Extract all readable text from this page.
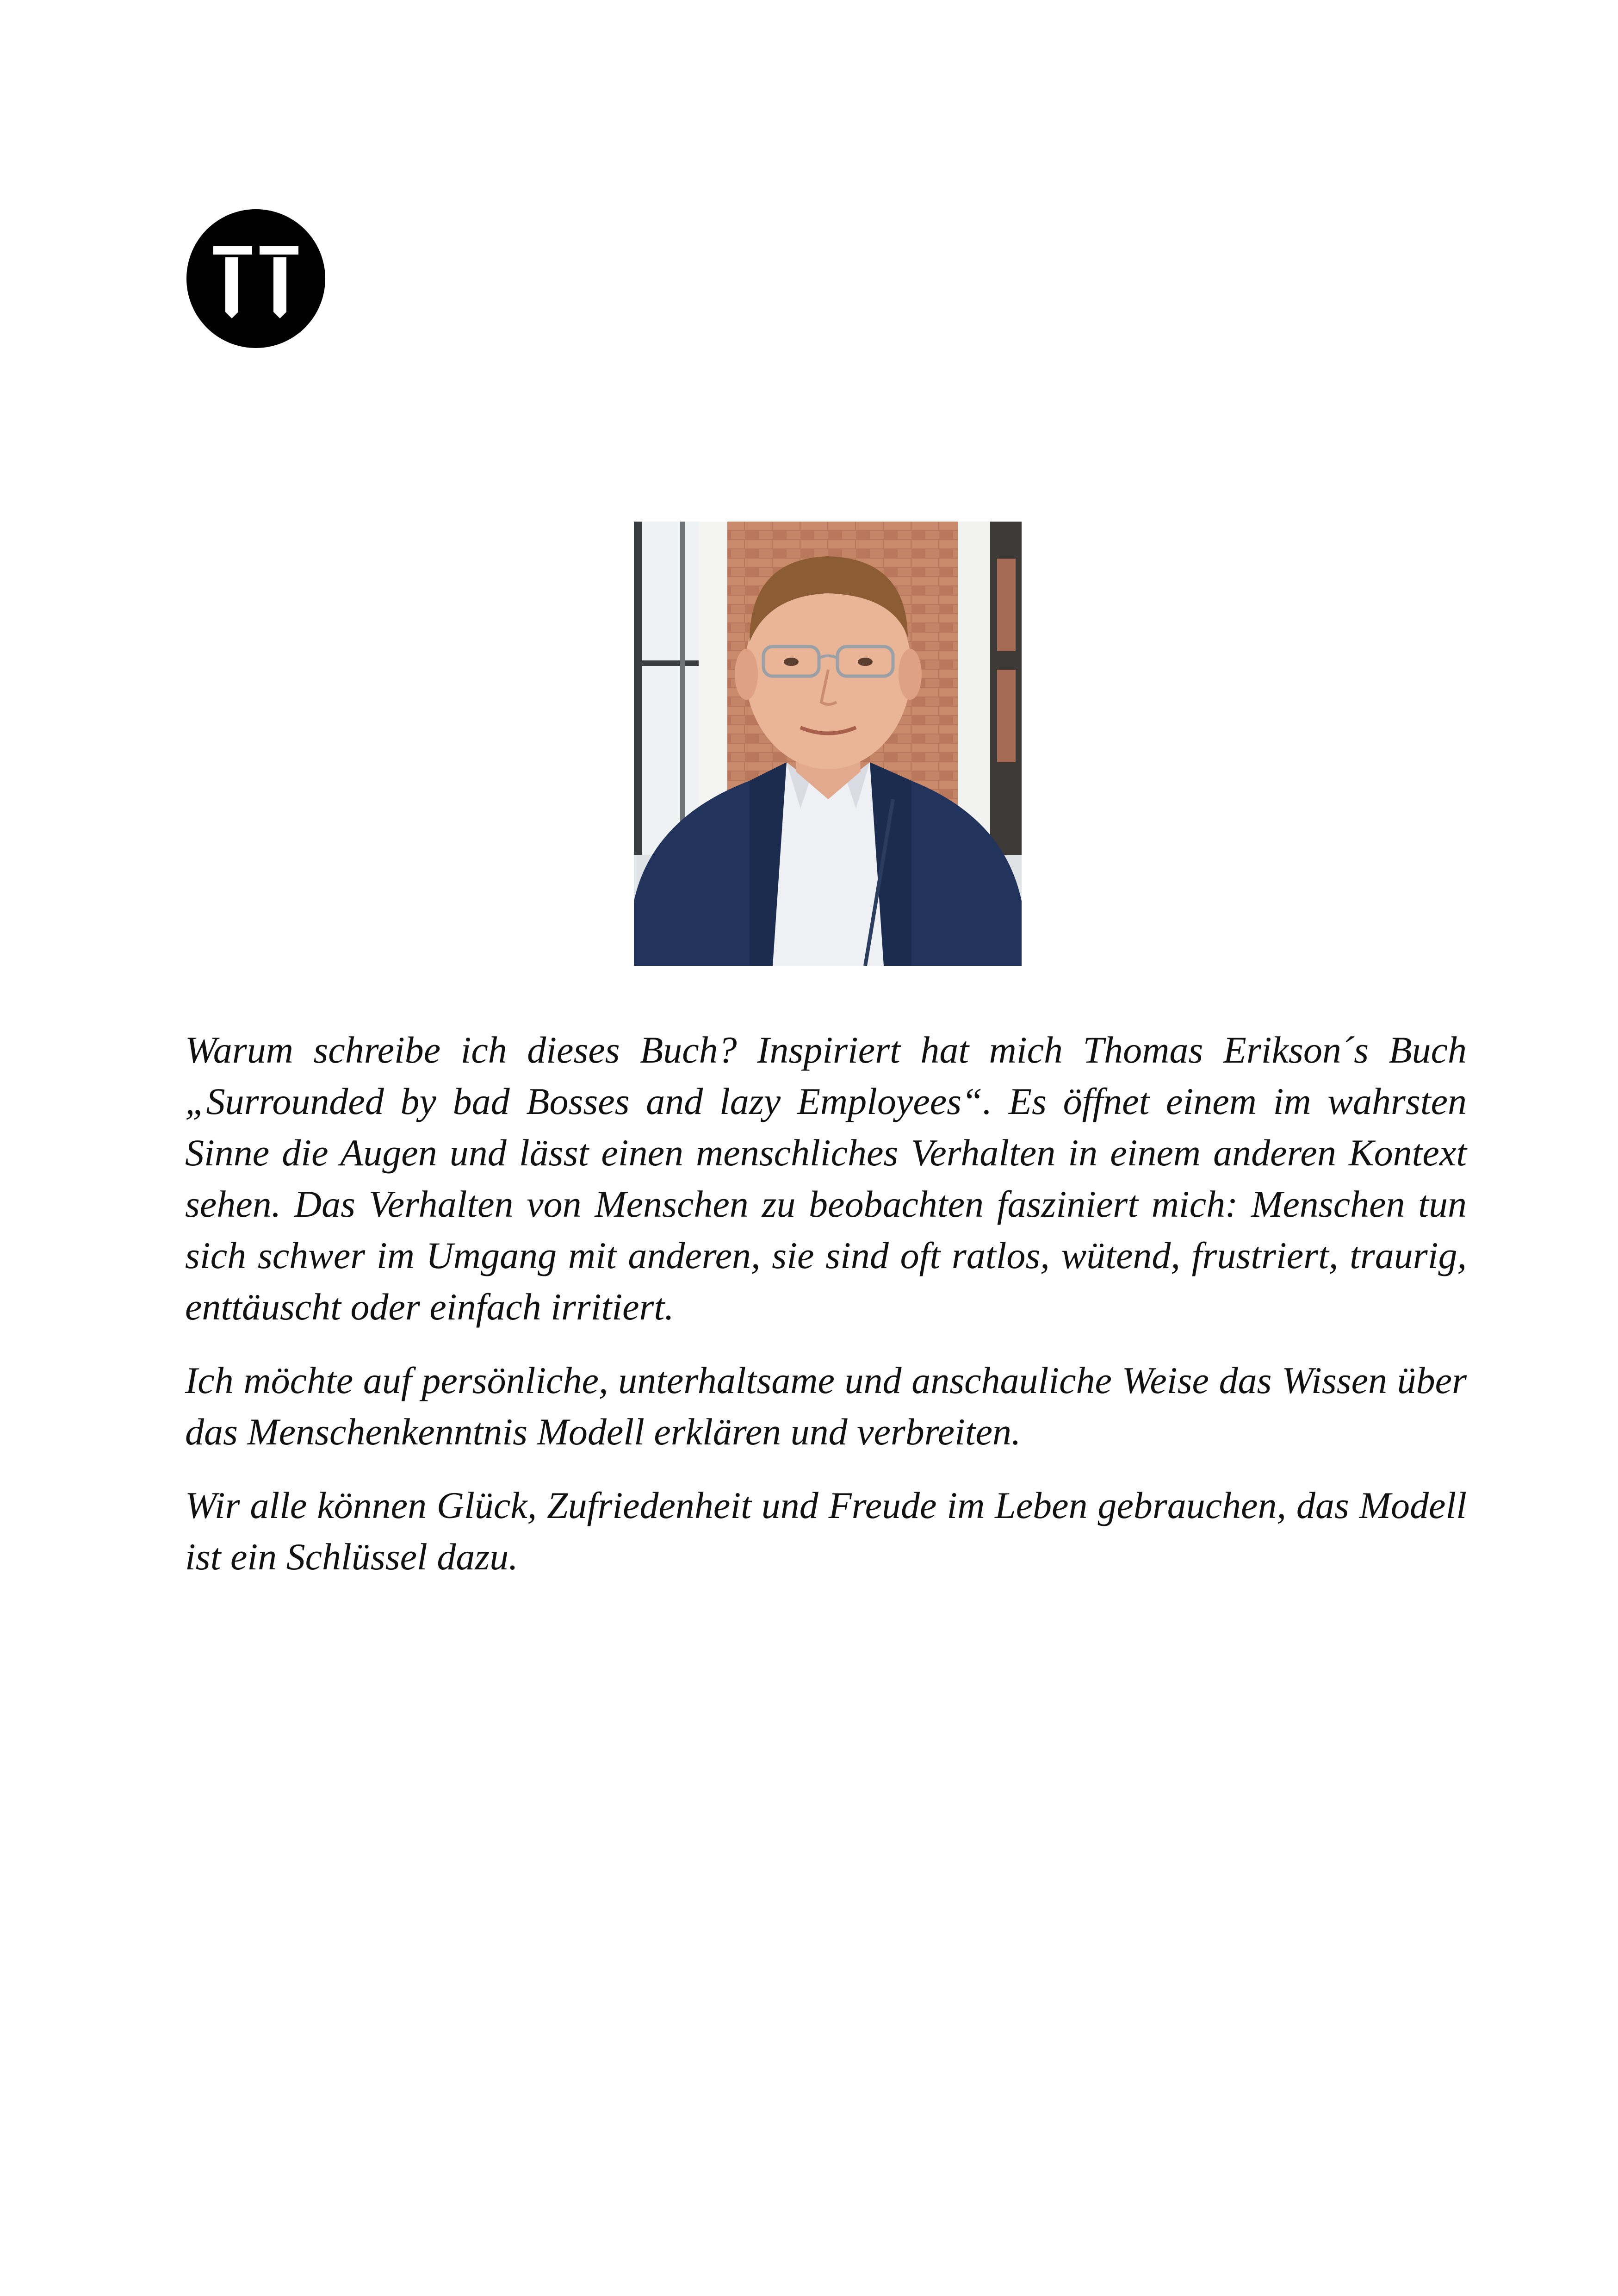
Warum schreibe ich dieses Buch? Inspiriert hat mich Thomas Erikson´s Buch „Surrounded by bad Bosses and lazy Employees“. Es öffnet einem im wahrsten Sinne die Augen und lässt einen menschliches Verhalten in einem anderen Kontext sehen. Das Verhalten von Menschen zu beobachten fasziniert mich: Menschen tun sich schwer im Umgang mit anderen, sie sind oft ratlos, wütend, frustriert, traurig, enttäuscht oder einfach irritiert.

Ich möchte auf persönliche, unterhaltsame und anschauliche Weise das Wissen über das Menschenkenntnis Modell erklären und verbreiten.

Wir alle können Glück, Zufriedenheit und Freude im Leben gebrauchen, das Modell ist ein Schlüssel dazu.
